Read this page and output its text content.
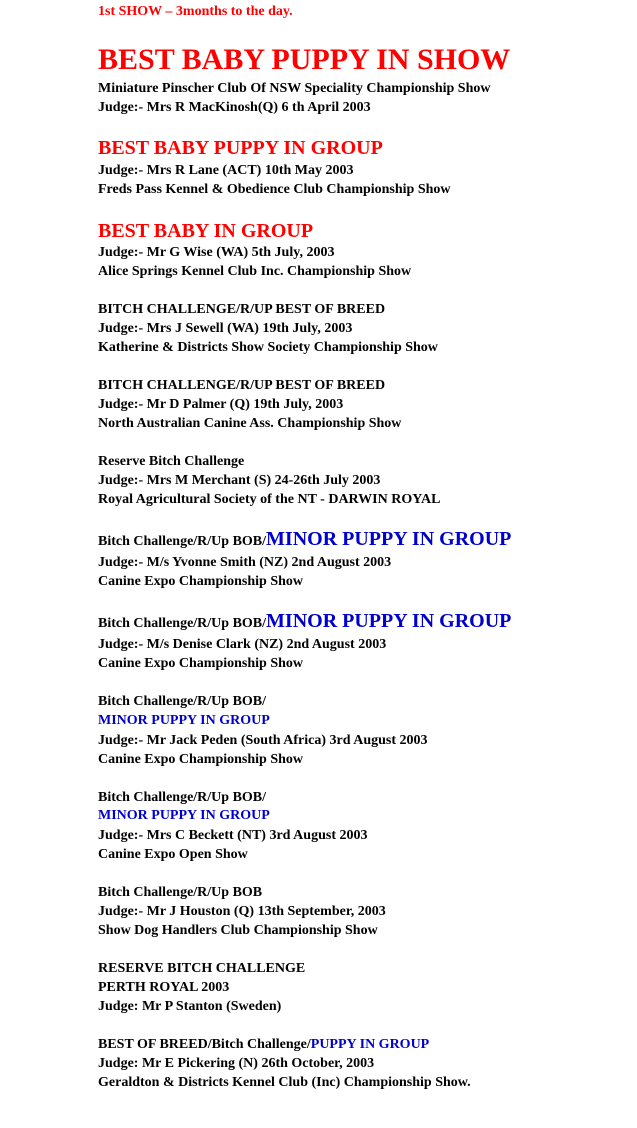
1st SHOW – 3months to the day.
BEST BABY PUPPY IN SHOW
Miniature Pinscher Club Of NSW Speciality Championship Show
Judge:- Mrs R MacKinosh(Q) 6 th April 2003
BEST BABY PUPPY IN GROUP
Judge:- Mrs R Lane (ACT) 10th May 2003
Freds Pass Kennel & Obedience Club Championship Show
BEST BABY IN GROUP
Judge:- Mr G Wise (WA) 5th July, 2003
Alice Springs Kennel Club Inc. Championship Show
BITCH CHALLENGE/R/UP BEST OF BREED
Judge:- Mrs J Sewell (WA) 19th July, 2003
Katherine & Districts Show Society Championship Show
BITCH CHALLENGE/R/UP BEST OF BREED
Judge:- Mr D Palmer (Q) 19th July, 2003
North Australian Canine Ass. Championship Show
Reserve Bitch Challenge
Judge:- Mrs M Merchant (S) 24-26th July 2003
Royal Agricultural Society of the NT - DARWIN ROYAL
Bitch Challenge/R/Up BOB/MINOR PUPPY IN GROUP
Judge:- M/s Yvonne Smith (NZ) 2nd August 2003
Canine Expo Championship Show
Bitch Challenge/R/Up BOB/MINOR PUPPY IN GROUP
Judge:- M/s Denise Clark (NZ) 2nd August 2003
Canine Expo Championship Show
Bitch Challenge/R/Up BOB/
MINOR PUPPY IN GROUP
Judge:- Mr Jack Peden (South Africa) 3rd August 2003
Canine Expo Championship Show
Bitch Challenge/R/Up BOB/
MINOR PUPPY IN GROUP
Judge:- Mrs C Beckett (NT) 3rd August 2003
Canine Expo Open Show
Bitch Challenge/R/Up BOB
Judge:- Mr J Houston (Q) 13th September, 2003
Show Dog Handlers Club Championship Show
RESERVE BITCH CHALLENGE
PERTH ROYAL 2003
Judge: Mr P Stanton (Sweden)
BEST OF BREED/Bitch Challenge/PUPPY IN GROUP
Judge: Mr E Pickering (N) 26th October, 2003
Geraldton & Districts Kennel Club (Inc) Championship Show.
